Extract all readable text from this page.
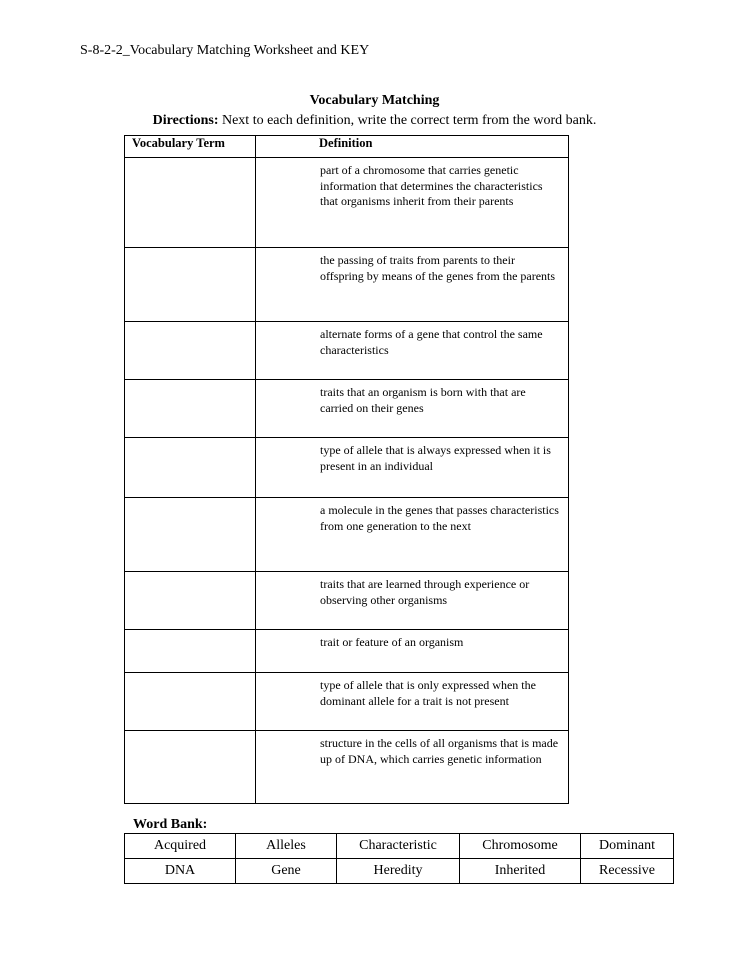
S-8-2-2_Vocabulary Matching Worksheet and KEY
Vocabulary Matching
Directions: Next to each definition, write the correct term from the word bank.
Vocabulary Term	Definition
	part of a chromosome that carries genetic information that determines the characteristics that organisms inherit from their parents
	the passing of traits from parents to their offspring by means of the genes from the parents
	alternate forms of a gene that control the same characteristics
	traits that an organism is born with that are carried on their genes
	type of allele that is always expressed when it is present in an individual
	a molecule in the genes that passes characteristics from one generation to the next
	traits that are learned through experience or observing other organisms
	trait or feature of an organism
	type of allele that is only expressed when the dominant allele for a trait is not present
	structure in the cells of all organisms that is made up of DNA, which carries genetic information
Word Bank:
Acquired	Alleles	Characteristic	Chromosome	Dominant
DNA	Gene	Heredity	Inherited	Recessive
